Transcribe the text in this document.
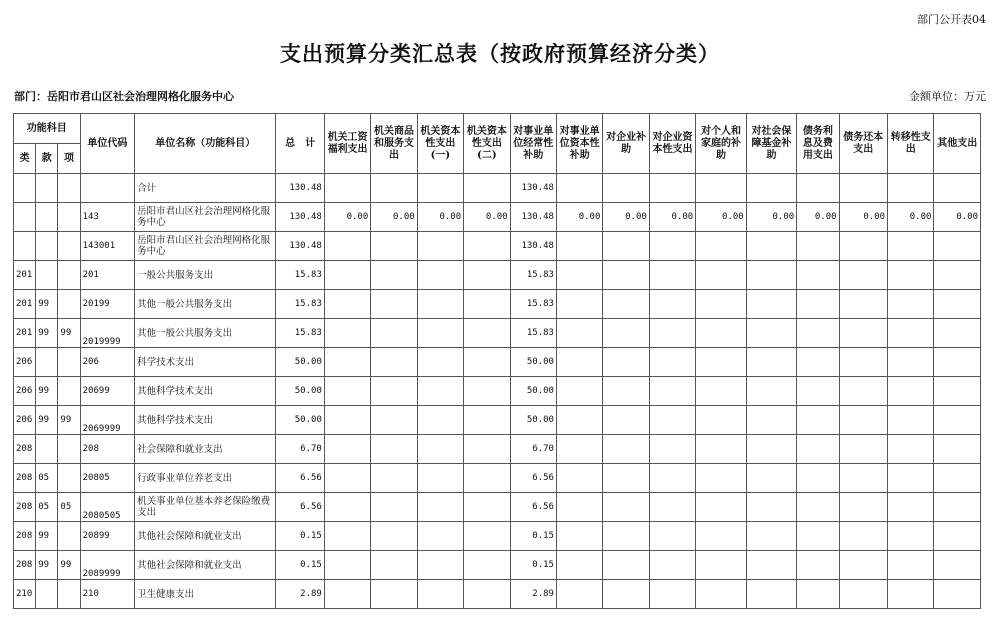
部门公开表04
支出预算分类汇总表（按政府预算经济分类）
部门：岳阳市君山区社会治理网格化服务中心	金额单位：万元
功能科目			单位代码	单位名称（功能科目）	总　计	机关工资福利支出	机关商品和服务支出	机关资本性支出(一)	机关资本性支出(二)	对事业单位经常性补助	对事业单位资本性补助	对企业补助	对企业资本性支出	对个人和家庭的补助	对社会保障基金补助	债务利息及费用支出	债务还本支出	转移性支出	其他支出
类	款	项																	
				合计	130.48					130.48									
			143	岳阳市君山区社会治理网格化服务中心	130.48	0.00	0.00	0.00	0.00	130.48	0.00	0.00	0.00	0.00	0.00	0.00	0.00	0.00	0.00
			143001	岳阳市君山区社会治理网格化服务中心	130.48					130.48									
201			201	一般公共服务支出	15.83					15.83									
201	99		20199	其他一般公共服务支出	15.83					15.83									
201	99	99	2019999	其他一般公共服务支出	15.83					15.83									
206			206	科学技术支出	50.00					50.00									
206	99		20699	其他科学技术支出	50.00					50.00									
206	99	99	2069999	其他科学技术支出	50.00					50.00									
208			208	社会保障和就业支出	6.70					6.70									
208	05		20805	行政事业单位养老支出	6.56					6.56									
208	05	05	2080505	机关事业单位基本养老保险缴费支出	6.56					6.56									
208	99		20899	其他社会保障和就业支出	0.15					0.15									
208	99	99	2089999	其他社会保障和就业支出	0.15					0.15									
210			210	卫生健康支出	2.89					2.89									
